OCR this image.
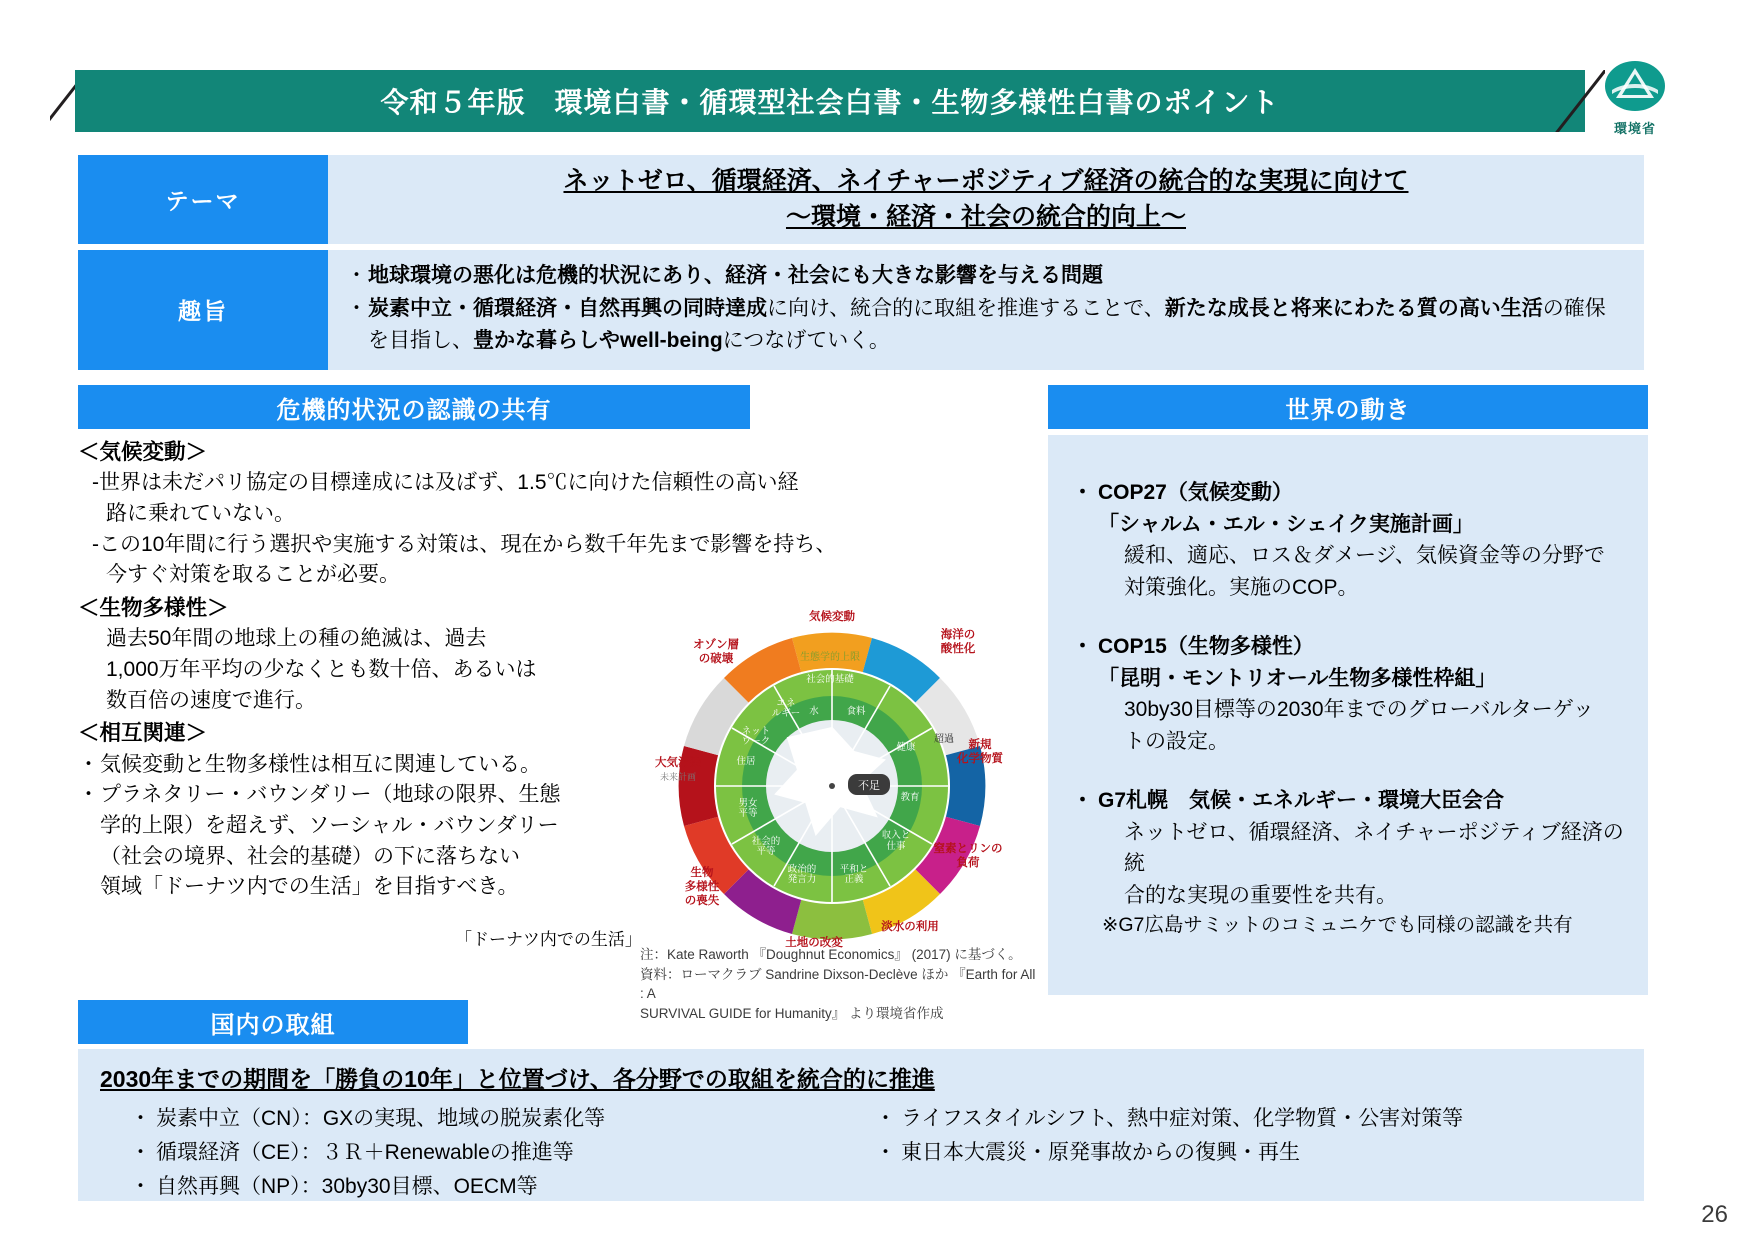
令和５年版　環境白書・循環型社会白書・生物多様性白書のポイント
環境省
テーマ
ネットゼロ、循環経済、ネイチャーポジティブ経済の統合的な実現に向けて
〜環境・経済・社会の統合的向上〜
趣旨
・ 地球環境の悪化は危機的状況にあり、経済・社会にも大きな影響を与える問題
・ 炭素中立・循環経済・自然再興の同時達成に向け、統合的に取組を推進することで、新たな成長と将来にわたる質の高い生活の確保を目指し、豊かな暮らしやwell-beingにつなげていく。
危機的状況の認識の共有
＜気候変動＞
-世界は未だパリ協定の目標達成には及ばず、1.5℃に向けた信頼性の高い経
路に乗れていない。
-この10年間に行う選択や実施する対策は、現在から数千年先まで影響を持ち、
今すぐ対策を取ることが必要。
＜生物多様性＞
過去50年間の地球上の種の絶滅は、過去
1,000万年平均の少なくとも数十倍、あるいは
数百倍の速度で進行。
＜相互関連＞
・ 気候変動と生物多様性は相互に関連している。
・ プラネタリー・バウンダリー（地球の限界、生態
学的上限）を超えず、ソーシャル・バウンダリー
（社会の境界、社会的基礎）の下に落ちない
領域「ドーナツ内での生活」を目指すべき。
不足
超過
水	食料
健康
教育
収入と
仕事
平和と
正義
政治的
発言力
社会的
平等
男女
平等
住居
ネット
ワーク
エネ
ルギー
社会的基礎
生態学的上限
気候変動
海洋の
酸性化
新規
化学物質
窒素とリンの
負荷
淡水の利用
土地の改変
生物
多様性
の喪失
大気汚染
未来計画
オゾン層
の破壊
「ドーナツ内での生活」
注：Kate Raworth 『Doughnut Economics』 (2017) に基づく。
資料：ローマクラブ Sandrine Dixson-Declève ほか 『Earth for All : A
SURVIVAL GUIDE for Humanity』 より環境省作成
世界の動き
・ COP27（気候変動）
「シャルム・エル・シェイク実施計画」
緩和、適応、ロス＆ダメージ、気候資金等の分野で
対策強化。実施のCOP。
・ COP15（生物多様性）
「昆明・モントリオール生物多様性枠組」
30by30目標等の2030年までのグローバルターゲッ
トの設定。
・ G7札幌　気候・エネルギー・環境大臣会合
ネットゼロ、循環経済、ネイチャーポジティブ経済の統
合的な実現の重要性を共有。
※G7広島サミットのコミュニケでも同様の認識を共有
国内の取組
2030年までの期間を「勝負の10年」と位置づけ、各分野での取組を統合的に推進
・ 炭素中立（CN）：GXの実現、地域の脱炭素化等
・ 循環経済（CE）：３Ｒ＋Renewableの推進等
・ 自然再興（NP）：30by30目標、OECM等
・ ライフスタイルシフト、熱中症対策、化学物質・公害対策等
・ 東日本大震災・原発事故からの復興・再生
26
